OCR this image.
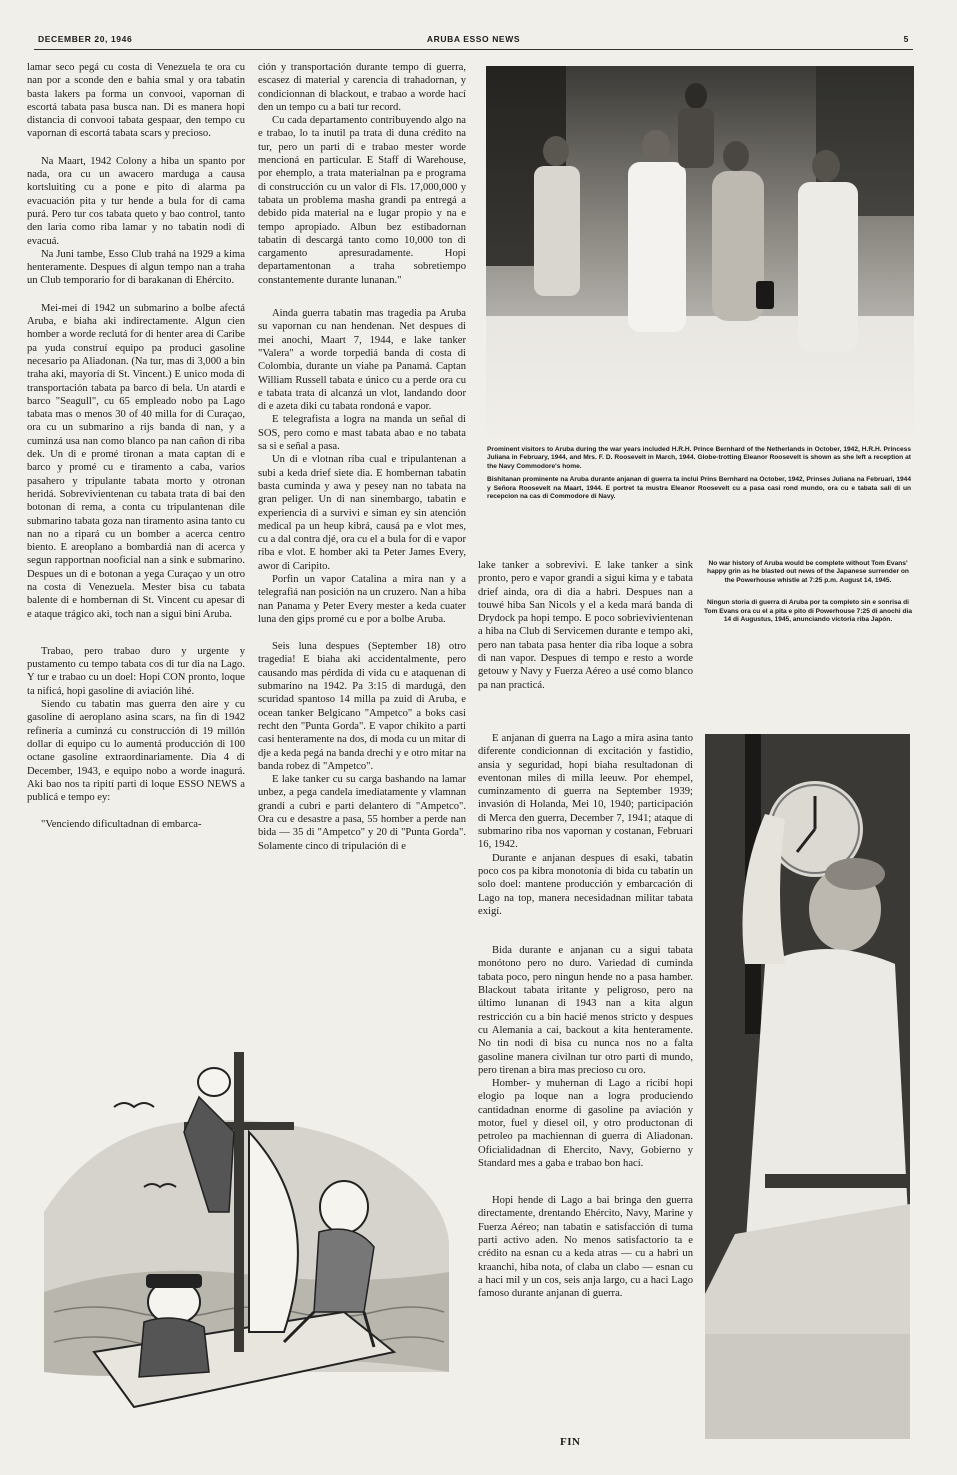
DECEMBER 20, 1946	ARUBA ESSO NEWS	5

lamar seco pegá cu costa di Venezuela te ora cu nan por a sconde den e bahia smal y ora tabatin basta lakers pa forma un convooi, vapornan di escortá tabata pasa busca nan. Di es manera hopi distancia di convooi tabata gespaar, den tempo cu vapornan di escortá tabata scars y precioso.

Na Maart, 1942 Colony a hiba un spanto por nada, ora cu un awacero marduga a causa kortsluiting cu a pone e pito di alarma pa evacuación pita y tur hende a bula for di cama purá. Pero tur cos tabata queto y bao control, tanto den laria como riba lamar y no tabatin nodi di evacuá.

Na Juni tambe, Esso Club trahá na 1929 a kima henteramente. Despues di algun tempo nan a traha un Club temporario for di barakanan di Ehército.

Mei-mei di 1942 un submarino a bolbe afectá Aruba, e biaha aki indirectamente. Algun cien homber a worde reclutá for di henter area di Caribe pa yuda construí equipo pa produci gasoline necesario pa Aliadonan. (Na tur, mas di 3,000 a bin traha aki, mayoría di St. Vincent.) E unico moda di transportación tabata pa barco di bela. Un atardi e barco "Seagull", cu 65 empleado nobo pa Lago tabata mas o menos 30 of 40 milla for di Curaçao, ora cu un submarino a rijs banda di nan, y a cuminzá usa nan como blanco pa nan cañon di riba dek. Un di e promé tironan a mata captan di e barco y promé cu e tiramento a caba, varios pasahero y tripulante tabata morto y otronan heridá. Sobrevivientenan cu tabata trata di bai den botonan di rema, a conta cu tripulantenan dile submarino tabata goza nan tiramento asina tanto cu nan no a ripará cu un bomber a acerca centro biento. E areoplano a bombardiá nan di acerca y segun rapportnan nooficial nan a sink e submarino. Despues un di e botonan a yega Curaçao y un otro na costa di Venezuela. Mester bisa cu tabata balente di e hombernan di St. Vincent cu apesar di e ataque trágico aki, toch nan a sigui bini Aruba.

Trabao, pero trabao duro y urgente y pustamento cu tempo tabata cos di tur dia na Lago. Y tur e trabao cu un doel: Hopi CON pronto, loque ta nificá, hopi gasoline di aviación lihé.

Siendo cu tabatin mas guerra den aire y cu gasoline di aeroplano asina scars, na fin di 1942 refinería a cuminzá cu construcción di 19 millón dollar di equipo cu lo aumentá producción di 100 octane gasoline extraordinariamente. Dia 4 di December, 1943, e equipo nobo a worde inagurá. Aki bao nos ta ripití parti di loque ESSO NEWS a publicá e tempo ey:

"Venciendo dificultadnan di embarca-

ción y transportación durante tempo di guerra, escasez di material y carencia di trahadornan, y condicionnan di blackout, e trabao a worde hací den un tempo cu a bati tur record.

Cu cada departamento contribuyendo algo na e trabao, lo ta inutil pa trata di duna crédito na tur, pero un parti di e trabao mester worde mencioná en particular. E Staff di Warehouse, por ehemplo, a trata materialnan pa e programa di construcción cu un valor di Fls. 17,000,000 y tabata un problema masha grandi pa entregá a debido pida material na e lugar propio y na e tempo apropiado. Albun bez estibadornan tabatin di descargá tanto como 10,000 ton di cargamento apresuradamente. Hopi departamentonan a traha sobretiempo constantemente durante lunanan."

Ainda guerra tabatin mas tragedia pa Aruba su vapornan cu nan hendenan. Net despues di mei anochi, Maart 7, 1944, e lake tanker "Valera" a worde torpediá banda di costa di Colombia, durante un viahe pa Panamá. Captan William Russell tabata e único cu a perde ora cu e tabata trata di alcanzá un vlot, landando door di e azeta diki cu tabata rondoná e vapor.

E telegrafista a logra na manda un señal di SOS, pero como e mast tabata abao e no tabata sa si e señal a pasa.

Un di e vlotnan riba cual e tripulantenan a subi a keda drief siete dia. E hombernan tabatin basta cuminda y awa y pesey nan no tabata na gran peliger. Un di nan sinembargo, tabatin e experiencia di a survivi e siman ey sin atención medical pa un heup kibrá, causá pa e vlot mes, cu a dal contra djé, ora cu el a bula for di e vapor riba e vlot. E homber aki ta Peter James Every, awor di Caripito.

Porfin un vapor Catalina a mira nan y a telegrafiá nan posición na un cruzero. Nan a hiba nan Panama y Peter Every mester a keda cuater luna den gips promé cu e por a bolbe Aruba.

Seis luna despues (September 18) otro tragedia! E biaha aki accidentalmente, pero causando mas pérdida di vida cu e ataquenan di submarino na 1942. Pa 3:15 di mardugá, den scuridad spantoso 14 milla pa zuid di Aruba, e ocean tanker Belgicano "Ampetco" a boks casi recht den "Punta Gorda". E vapor chikito a parti casi henteramente na dos, di moda cu un mitar di dje a keda pegá na banda drechi y e otro mitar na banda robez di "Ampetco".

E lake tanker cu su carga bashando na lamar unbez, a pega candela imediatamente y vlamnan grandi a cubri e parti delantero di "Ampetco". Ora cu e desastre a pasa, 55 homber a perde nan bida — 35 di "Ampetco" y 20 di "Punta Gorda". Solamente cinco di tripulación di e

Prominent visitors to Aruba during the war years included H.R.H. Prince Bernhard of the Netherlands in October, 1942, H.R.H. Princess Juliana in February, 1944, and Mrs. F. D. Roosevelt in March, 1944. Globe-trotting Eleanor Roosevelt is shown as she left a reception at the Navy Commodore's home.

Bishitanan prominente na Aruba durante anjanan di guerra ta inclui Prins Bernhard na October, 1942, Prinses Juliana na Februari, 1944 y Señora Roosevelt na Maart, 1944. E portret ta mustra Eleanor Roosevelt cu a pasa casi rond mundo, ora cu e tabata sali di un recepcion na cas di Commodore di Navy.

lake tanker a sobrevivi. E lake tanker a sink pronto, pero e vapor grandi a sigui kima y e tabata drief ainda, ora di dia a habri. Despues nan a touwé hiba San Nicols y el a keda mará banda di Drydock pa hopi tempo. E poco sobrievivientenan a hiba na Club di Servicemen durante e tempo aki, pero nan tabata pasa henter dia riba loque a sobra di nan vapor. Despues di tempo e resto a worde getouw y Navy y Fuerza Aéreo a usé como blanco pa nan practicá.

E anjanan di guerra na Lago a mira asina tanto diferente condicionnan di excitación y fastidio, ansia y seguridad, hopi biaha resultadonan di eventonan miles di milla leeuw. Por ehempel, cuminzamento di guerra na September 1939; invasión di Holanda, Mei 10, 1940; participación di Merca den guerra, December 7, 1941; ataque di submarino riba nos vapornan y costanan, Februari 16, 1942.

Durante e anjanan despues di esaki, tabatin poco cos pa kibra monotonía di bida cu tabatin un solo doel: mantene producción y embarcación di Lago na top, manera necesidadnan militar tabata exigí.

Bida durante e anjanan cu a sigui tabata monótono pero no duro. Variedad di cuminda tabata poco, pero ningun hende no a pasa hamber. Blackout tabata iritante y peligroso, pero na último lunanan di 1943 nan a kita algun restricción cu a bin hacié menos stricto y despues cu Alemania a cai, backout a kita henteramente. No tin nodi di bisa cu nunca nos no a falta gasoline manera civilnan tur otro parti di mundo, pero tirenan a bira mas precioso cu oro.

Homber- y muhernan di Lago a ricibí hopi elogio pa loque nan a logra produciendo cantidadnan enorme di gasoline pa aviación y motor, fuel y diesel oil, y otro productonan di petroleo pa machiennan di guerra di Aliadonan. Oficialidadnan di Ehercito, Navy, Gobierno y Standard mes a gaba e trabao bon hací.

Hopi hende di Lago a bai bringa den guerra directamente, drentando Ehército, Navy, Marine y Fuerza Aéreo; nan tabatin e satisfacción di tuma parti activo aden. No menos satisfactorio ta e crédito na esnan cu a keda atras — cu a habri un kraanchi, hiba nota, of claba un clabo — esnan cu a haci mil y un cos, seis anja largo, cu a haci Lago famoso durante anjanan di guerra.

No war history of Aruba would be complete without Tom Evans' happy grin as he blasted out news of the Japanese surrender on the Powerhouse whistle at 7:25 p.m. August 14, 1945.

Ningun storia di guerra di Aruba por ta completo sin e sonrisa di Tom Evans ora cu el a pita e pito di Powerhouse 7:25 di anochi dia 14 di Augustus, 1945, anunciando victoria riba Japón.

FIN
